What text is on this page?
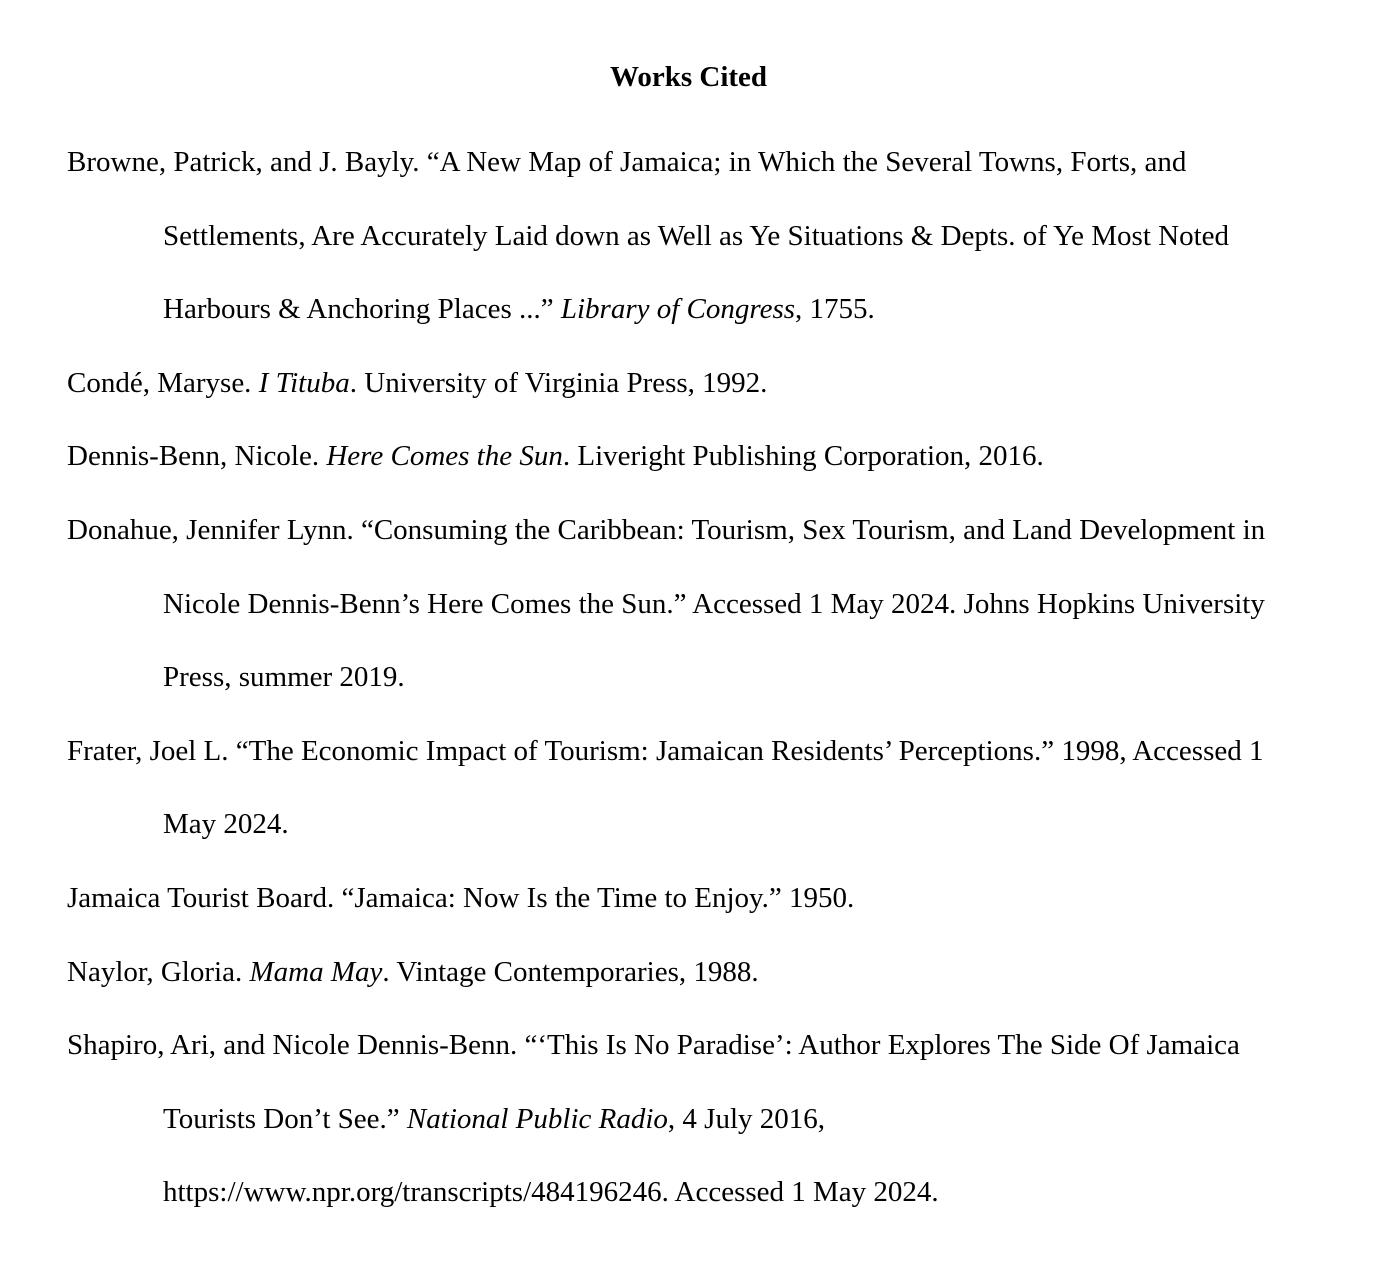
Works Cited

Browne, Patrick, and J. Bayly. “A New Map of Jamaica; in Which the Several Towns, Forts, and Settlements, Are Accurately Laid down as Well as Ye Situations & Depts. of Ye Most Noted Harbours & Anchoring Places ...” Library of Congress, 1755.

Condé, Maryse. I Tituba. University of Virginia Press, 1992.

Dennis-Benn, Nicole. Here Comes the Sun. Liveright Publishing Corporation, 2016.

Donahue, Jennifer Lynn. “Consuming the Caribbean: Tourism, Sex Tourism, and Land Development in Nicole Dennis-Benn’s Here Comes the Sun.” Accessed 1 May 2024. Johns Hopkins University Press, summer 2019.

Frater, Joel L. “The Economic Impact of Tourism: Jamaican Residents’ Perceptions.” 1998, Accessed 1 May 2024.

Jamaica Tourist Board. “Jamaica: Now Is the Time to Enjoy.” 1950.

Naylor, Gloria. Mama May. Vintage Contemporaries, 1988.

Shapiro, Ari, and Nicole Dennis-Benn. “‘This Is No Paradise’: Author Explores The Side Of Jamaica Tourists Don’t See.” National Public Radio, 4 July 2016, https://www.npr.org/transcripts/484196246. Accessed 1 May 2024.
